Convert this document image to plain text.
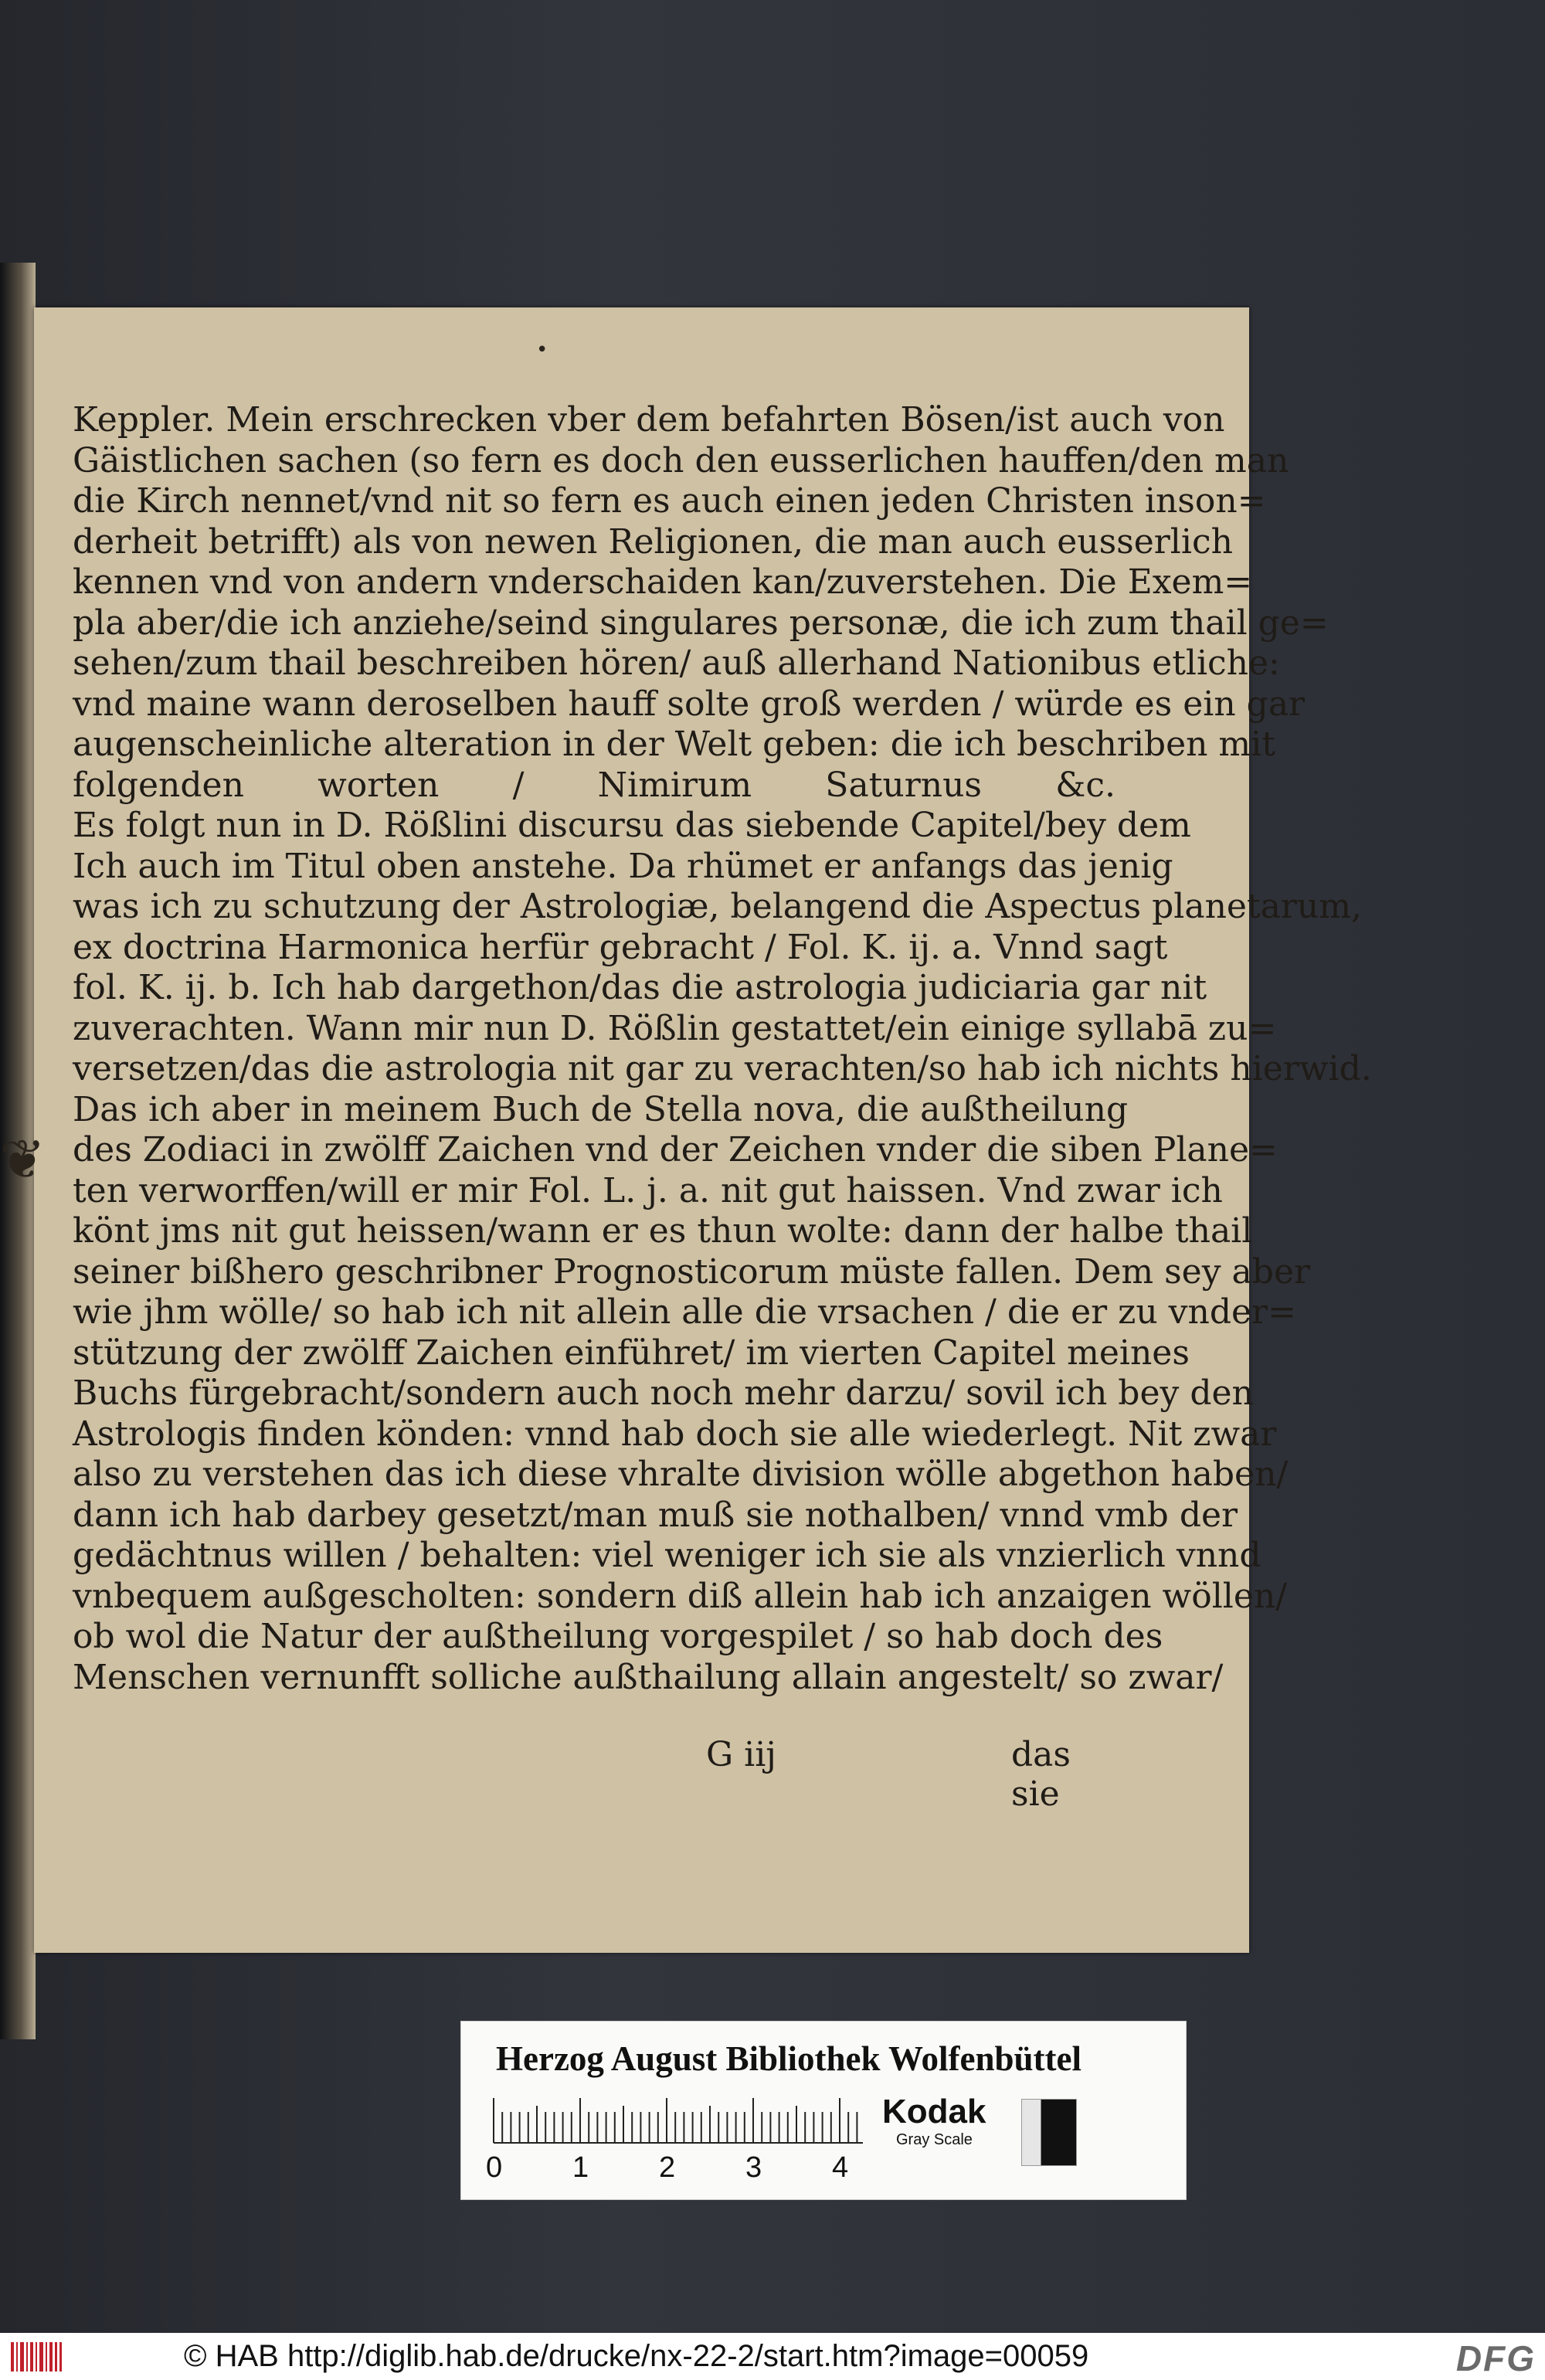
•
Keppler. Mein erschrecken vber dem befahrten Bösen/ist auch von
Gäistlichen sachen (so fern es doch den eusserlichen hauffen/den man
die Kirch nennet/vnd nit so fern es auch einen jeden Christen inson=
derheit betrifft) als von newen Religionen, die man auch eusserlich
kennen vnd von andern vnderschaiden kan/zuverstehen. Die Exem=
pla aber/die ich anziehe/seind singulares personæ, die ich zum thail ge=
sehen/zum thail beschreiben hören/ auß allerhand Nationibus etliche:
vnd maine wann deroselben hauff solte groß werden / würde es ein gar
augenscheinliche alteration in der Welt geben: die ich beschriben mit
folgenden worten / Nimirum Saturnus &c.
Es folgt nun in D. Rößlini discursu das siebende Capitel/bey dem
Ich auch im Titul oben anstehe. Da rhümet er anfangs das jenig
was ich zu schutzung der Astrologiæ, belangend die Aspectus planetarum,
ex doctrina Harmonica herfür gebracht / Fol. K. ij. a. Vnnd sagt
fol. K. ij. b. Ich hab dargethon/das die astrologia judiciaria gar nit
zuverachten. Wann mir nun D. Rößlin gestattet/ein einige syllabā zu=
versetzen/das die astrologia nit gar zu verachten/so hab ich nichts hierwid.
Das ich aber in meinem Buch de Stella nova, die außtheilung
des Zodiaci in zwölff Zaichen vnd der Zeichen vnder die siben Plane=
ten verworffen/will er mir Fol. L. j. a. nit gut haissen. Vnd zwar ich
könt jms nit gut heissen/wann er es thun wolte: dann der halbe thail
seiner bißhero geschribner Prognosticorum müste fallen. Dem sey aber
wie jhm wölle/ so hab ich nit allein alle die vrsachen / die er zu vnder=
stützung der zwölff Zaichen einführet/ im vierten Capitel meines
Buchs fürgebracht/sondern auch noch mehr darzu/ sovil ich bey den
Astrologis finden könden: vnnd hab doch sie alle wiederlegt. Nit zwar
also zu verstehen das ich diese vhralte division wölle abgethon haben/
dann ich hab darbey gesetzt/man muß sie nothalben/ vnnd vmb der
gedächtnus willen / behalten: viel weniger ich sie als vnzierlich vnnd
vnbequem außgescholten: sondern diß allein hab ich anzaigen wöllen/
ob wol die Natur der außtheilung vorgespilet / so hab doch des
Menschen vernunfft solliche außthailung allain angestelt/ so zwar/
G iij	das sie
❦
Herzog August Bibliothek Wolfenbüttel
0 1 2 3 4
Kodak
Gray Scale
© HAB http://diglib.hab.de/drucke/nx-22-2/start.htm?image=00059	DFG
